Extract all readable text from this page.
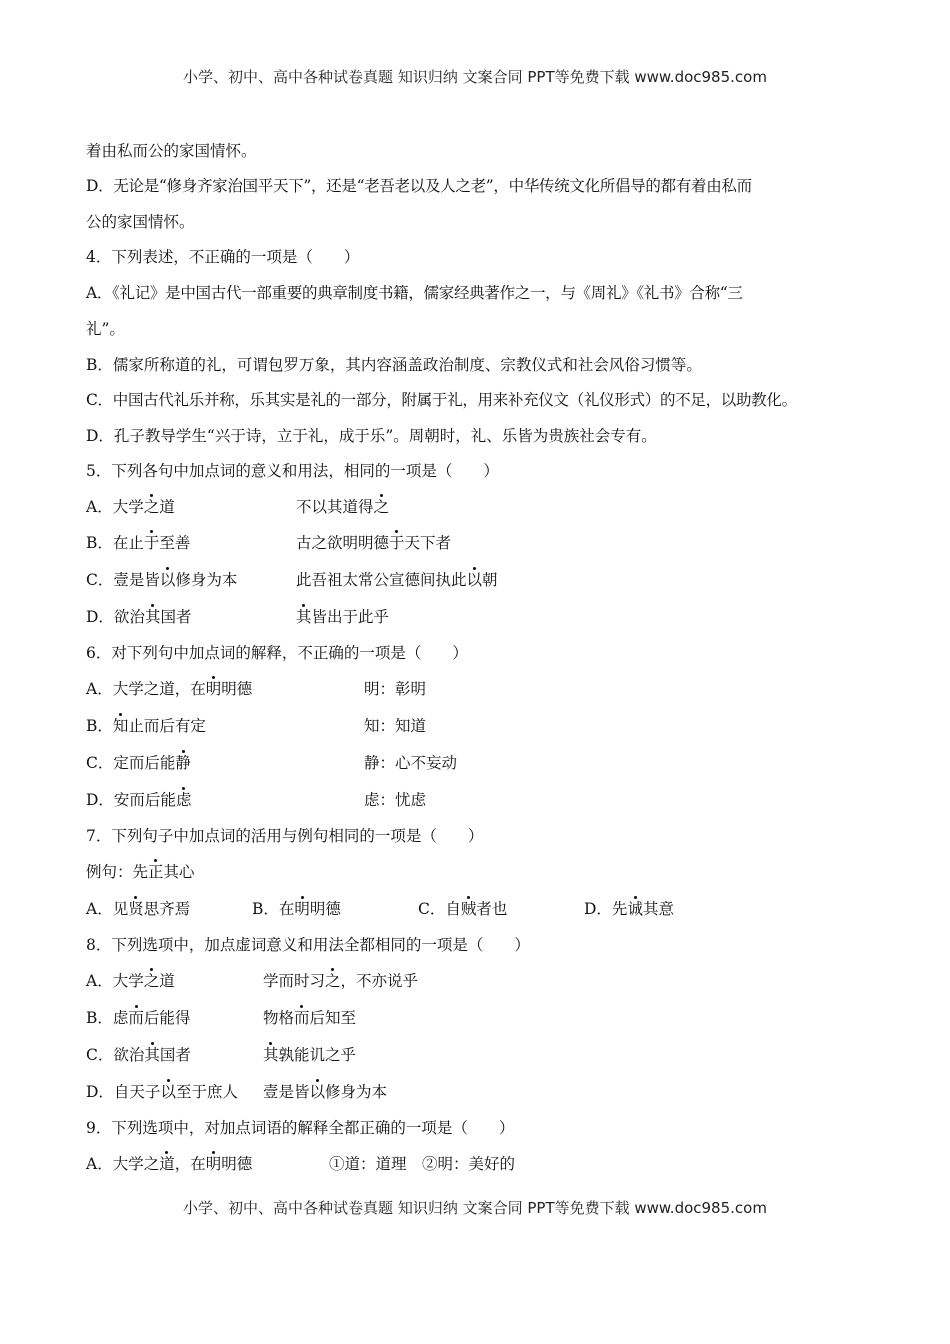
小学、初中、高中各种试卷真题 知识归纳 文案合同 PPT等免费下载 www.doc985.com
着由私而公的家国情怀。
D．无论是“修身齐家治国平天下”，还是“老吾老以及人之老”，中华传统文化所倡导的都有着由私而
公的家国情怀。
4．下列表述，不正确的一项是（　　）
A．《礼记》是中国古代一部重要的典章制度书籍，儒家经典著作之一，与《周礼》《礼书》合称“三
礼”。
B．儒家所称道的礼，可谓包罗万象，其内容涵盖政治制度、宗教仪式和社会风俗习惯等。
C．中国古代礼乐并称，乐其实是礼的一部分，附属于礼，用来补充仪文（礼仪形式）的不足，以助教化。
D．孔子教导学生“兴于诗，立于礼，成于乐”。周朝时，礼、乐皆为贵族社会专有。
5．下列各句中加点词的意义和用法，相同的一项是（　　）
A．大学之道	不以其道得之
B．在止于至善	古之欲明明德于天下者
C．壹是皆以修身为本	此吾祖太常公宣德间执此以朝
D．欲治其国者	其皆出于此乎
6．对下列句中加点词的解释，不正确的一项是（　　）
A．大学之道，在明明德	明：彰明
B．知止而后有定	知：知道
C．定而后能静	静：心不妄动
D．安而后能虑	虑：忧虑
7．下列句子中加点词的活用与例句相同的一项是（　　）
例句：先正其心
A．见贤思齐焉	B．在明明德	C．自贼者也	D．先诚其意
8．下列选项中，加点虚词意义和用法全都相同的一项是（　　）
A．大学之道	学而时习之，不亦说乎
B．虑而后能得	物格而后知至
C．欲治其国者	其孰能讥之乎
D．自天子以至于庶人 壹是皆以修身为本
9．下列选项中，对加点词语的解释全都正确的一项是（　　）
A．大学之道，在明明德	①道：道理　②明：美好的
小学、初中、高中各种试卷真题 知识归纳 文案合同 PPT等免费下载 www.doc985.com
